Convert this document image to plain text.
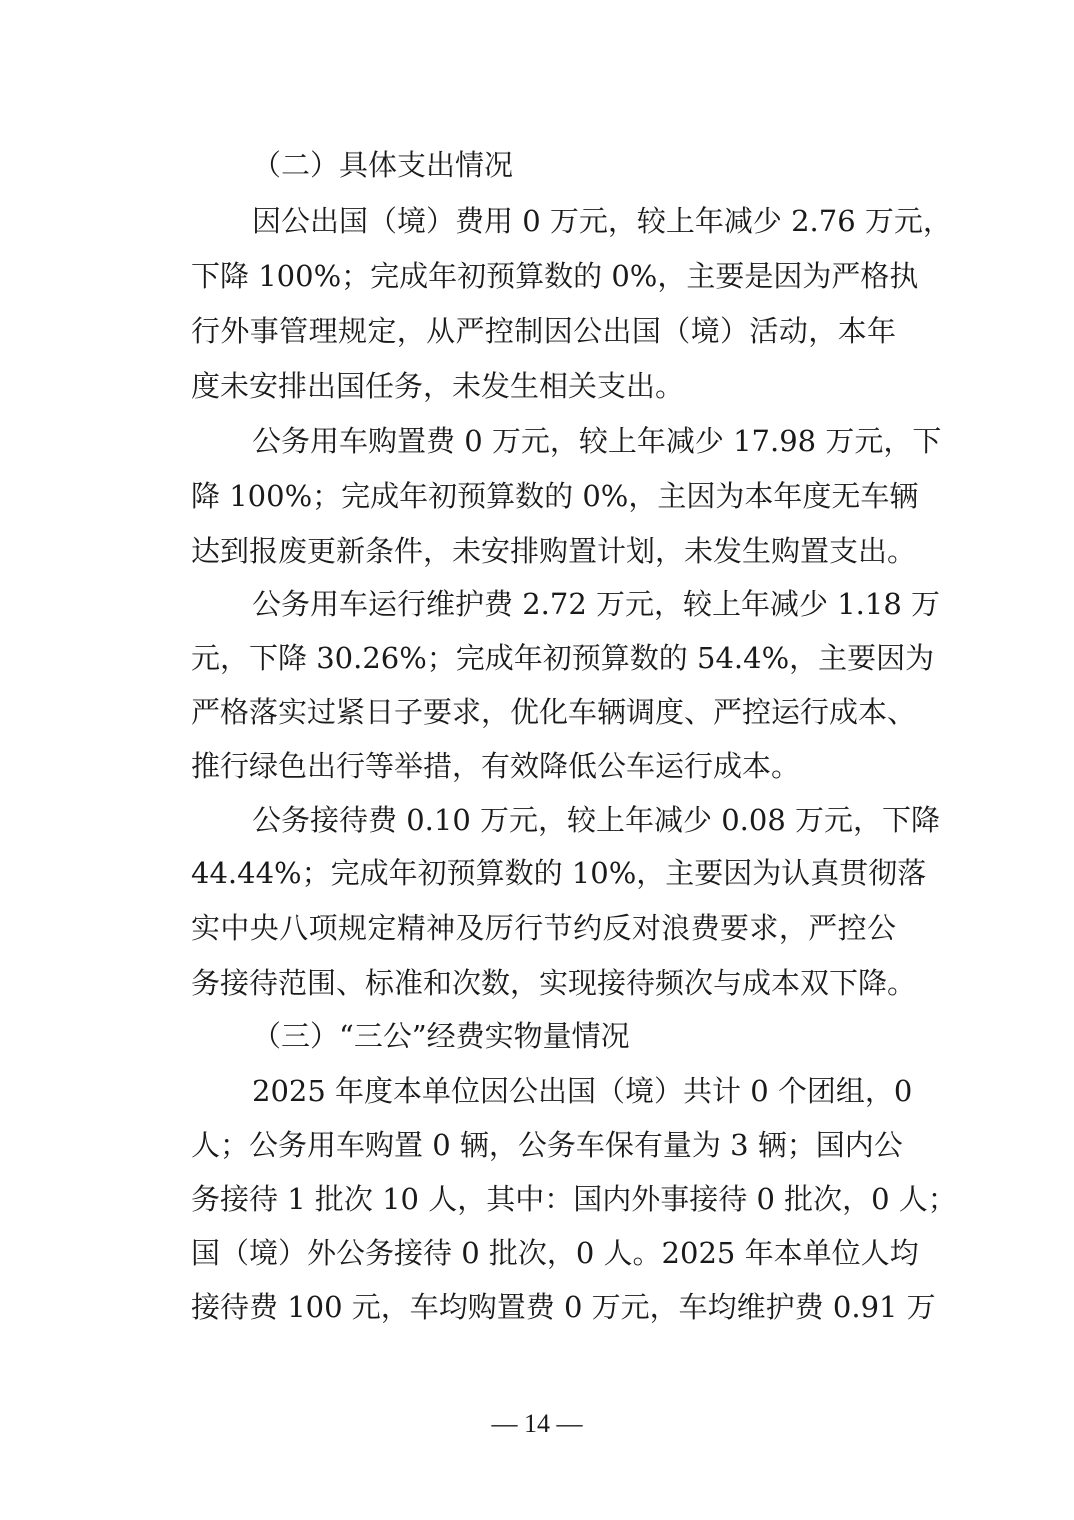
（二）具体支出情况
因公出国（境）费用 0 万元，较上年减少 2.76 万元，
下降 100%；完成年初预算数的 0%，主要是因为严格执
行外事管理规定，从严控制因公出国（境）活动，本年
度未安排出国任务，未发生相关支出。
公务用车购置费 0 万元，较上年减少 17.98 万元，下
降 100%；完成年初预算数的 0%，主因为本年度无车辆
达到报废更新条件，未安排购置计划，未发生购置支出。
公务用车运行维护费 2.72 万元，较上年减少 1.18 万
元，下降 30.26%；完成年初预算数的 54.4%，主要因为
严格落实过紧日子要求，优化车辆调度、严控运行成本、
推行绿色出行等举措，有效降低公车运行成本。
公务接待费 0.10 万元，较上年减少 0.08 万元，下降
44.44%；完成年初预算数的 10%，主要因为认真贯彻落
实中央八项规定精神及厉行节约反对浪费要求，严控公
务接待范围、标准和次数，实现接待频次与成本双下降。
（三）“三公”经费实物量情况
2025 年度本单位因公出国（境）共计 0 个团组，0
人；公务用车购置 0 辆，公务车保有量为 3 辆；国内公
务接待 1 批次 10 人，其中：国内外事接待 0 批次，0 人；
国（境）外公务接待 0 批次，0 人。2025 年本单位人均
接待费 100 元，车均购置费 0 万元，车均维护费 0.91 万
— 14 —
